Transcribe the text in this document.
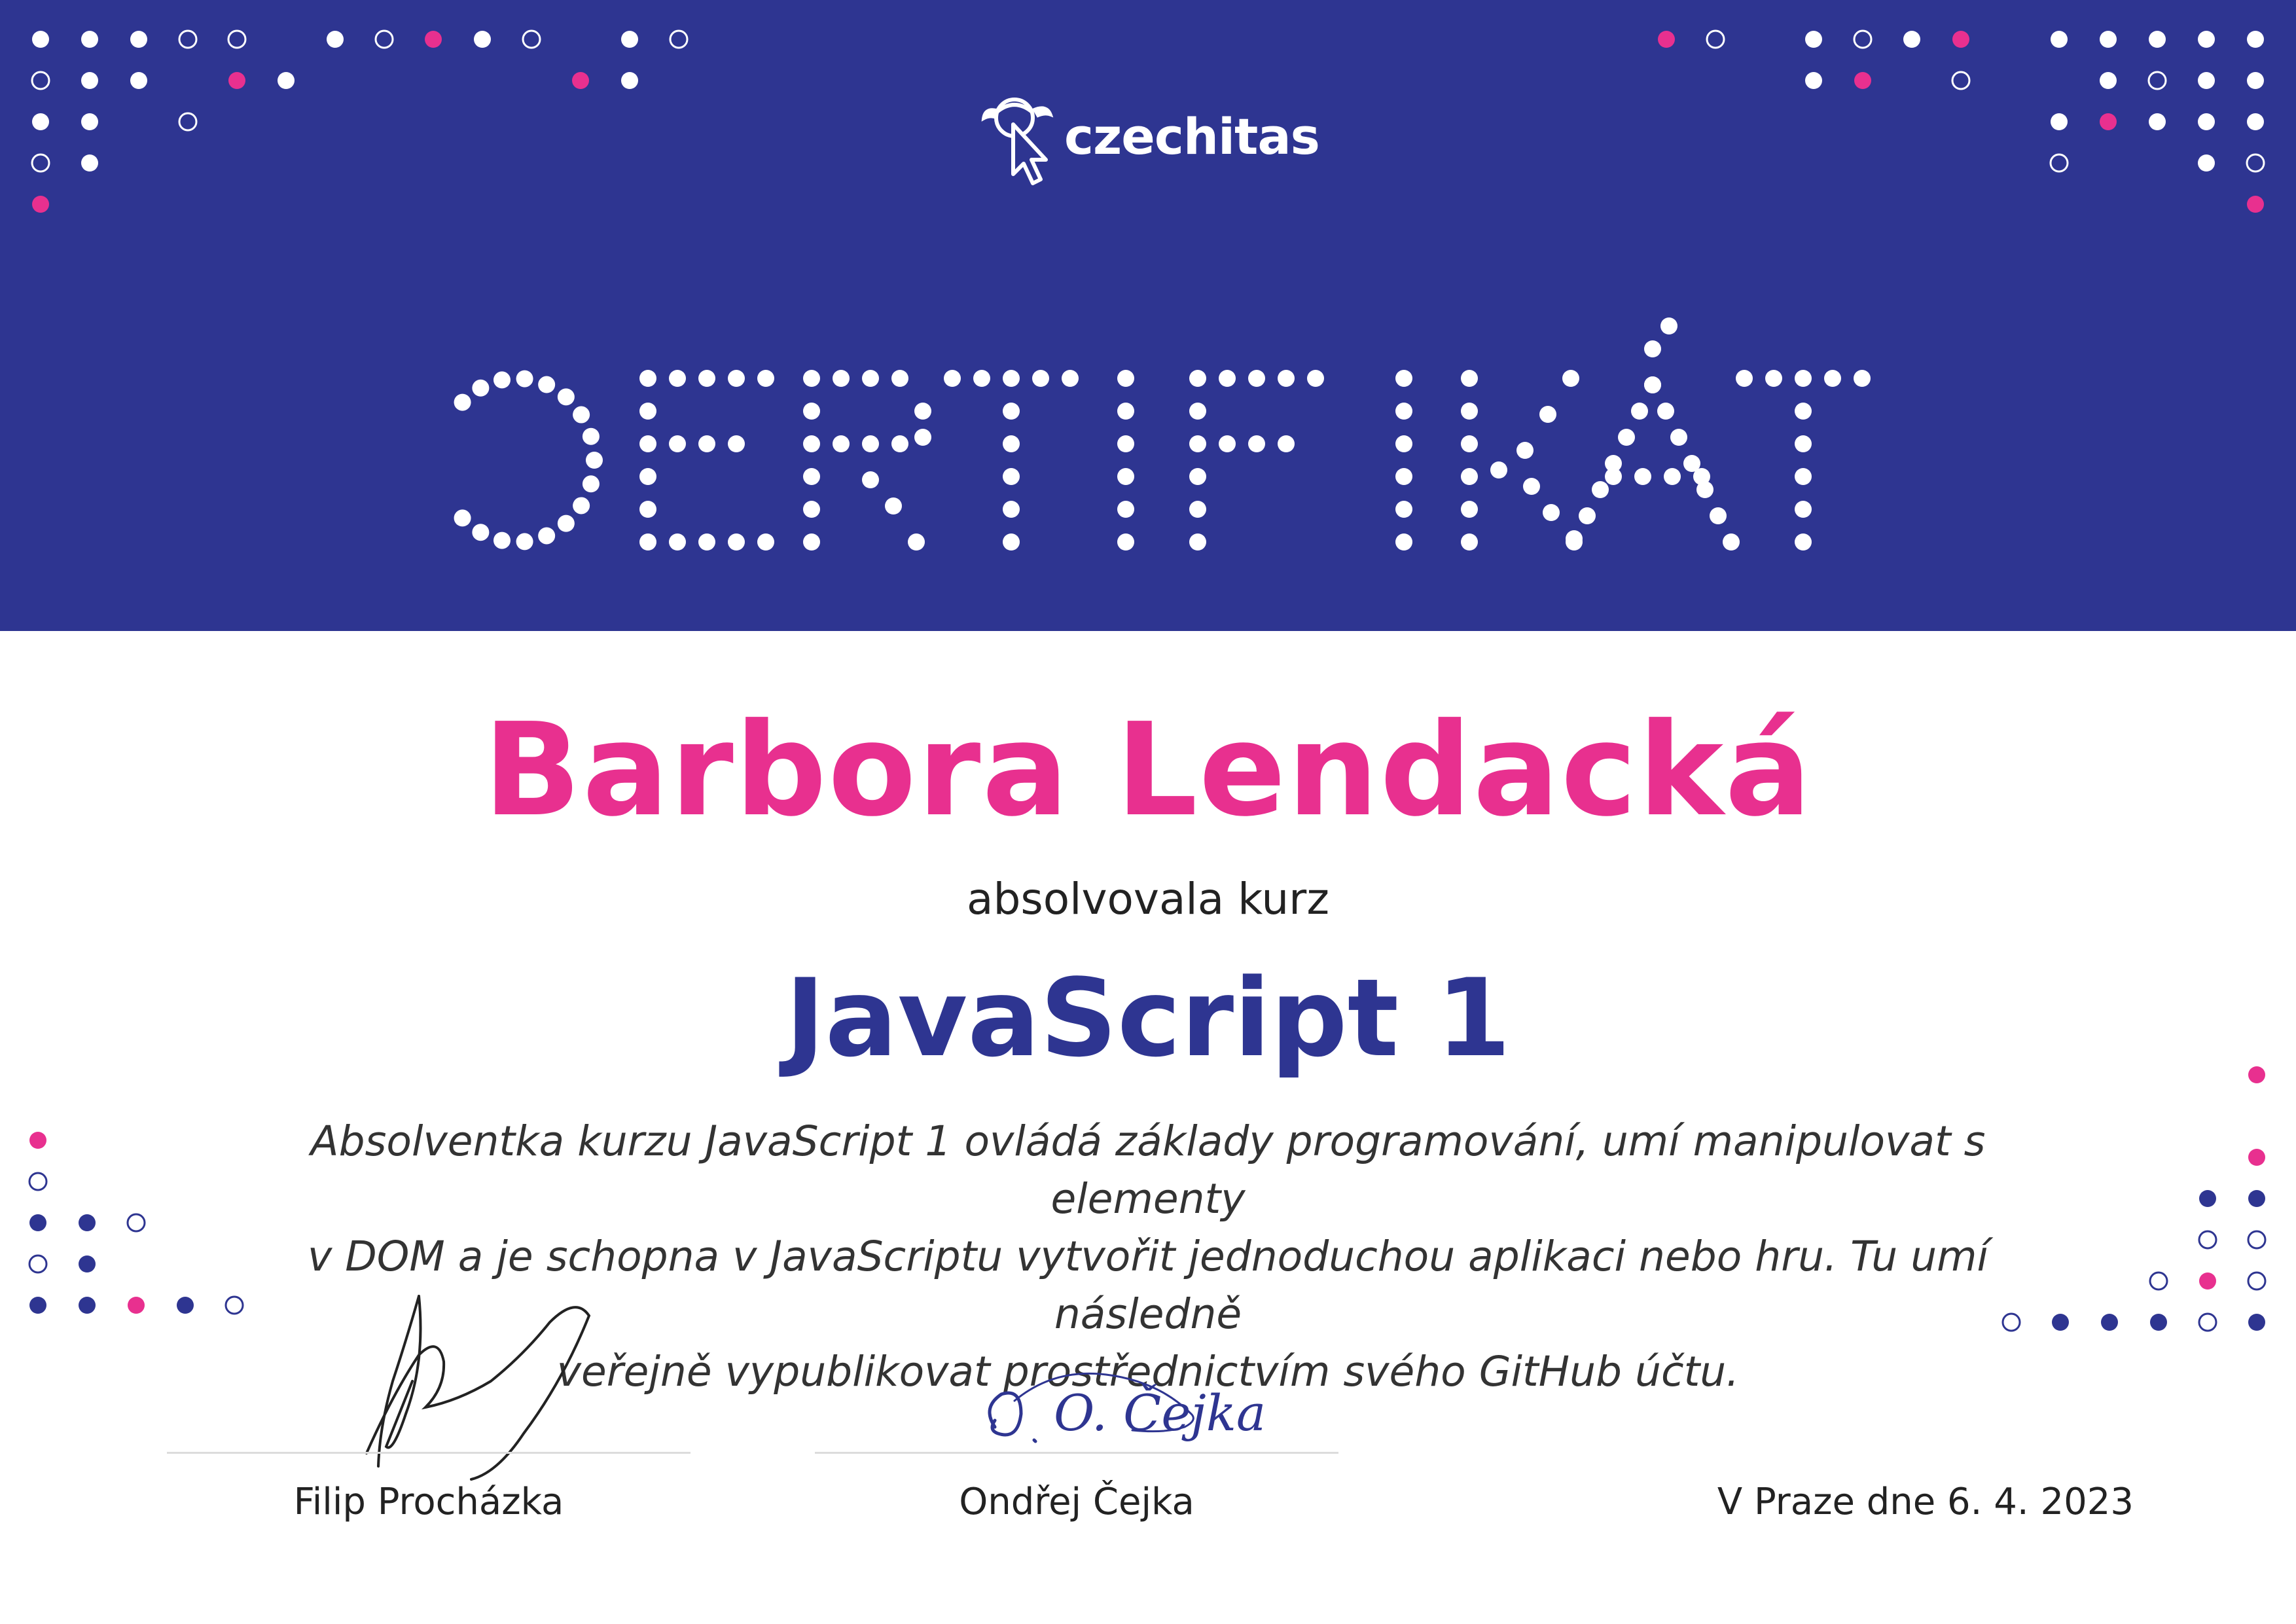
czechitas
Barbora Lendacká
absolvovala kurz
JavaScript 1
Absolventka kurzu JavaScript 1 ovládá základy programování, umí manipulovat s elementy
v DOM a je schopna v JavaScriptu vytvořit jednoduchou aplikaci nebo hru. Tu umí následně
veřejně vypublikovat prostřednictvím svého GitHub účtu.
O. Čejka
Filip Procházka	Ondřej Čejka	V Praze dne 6. 4. 2023
